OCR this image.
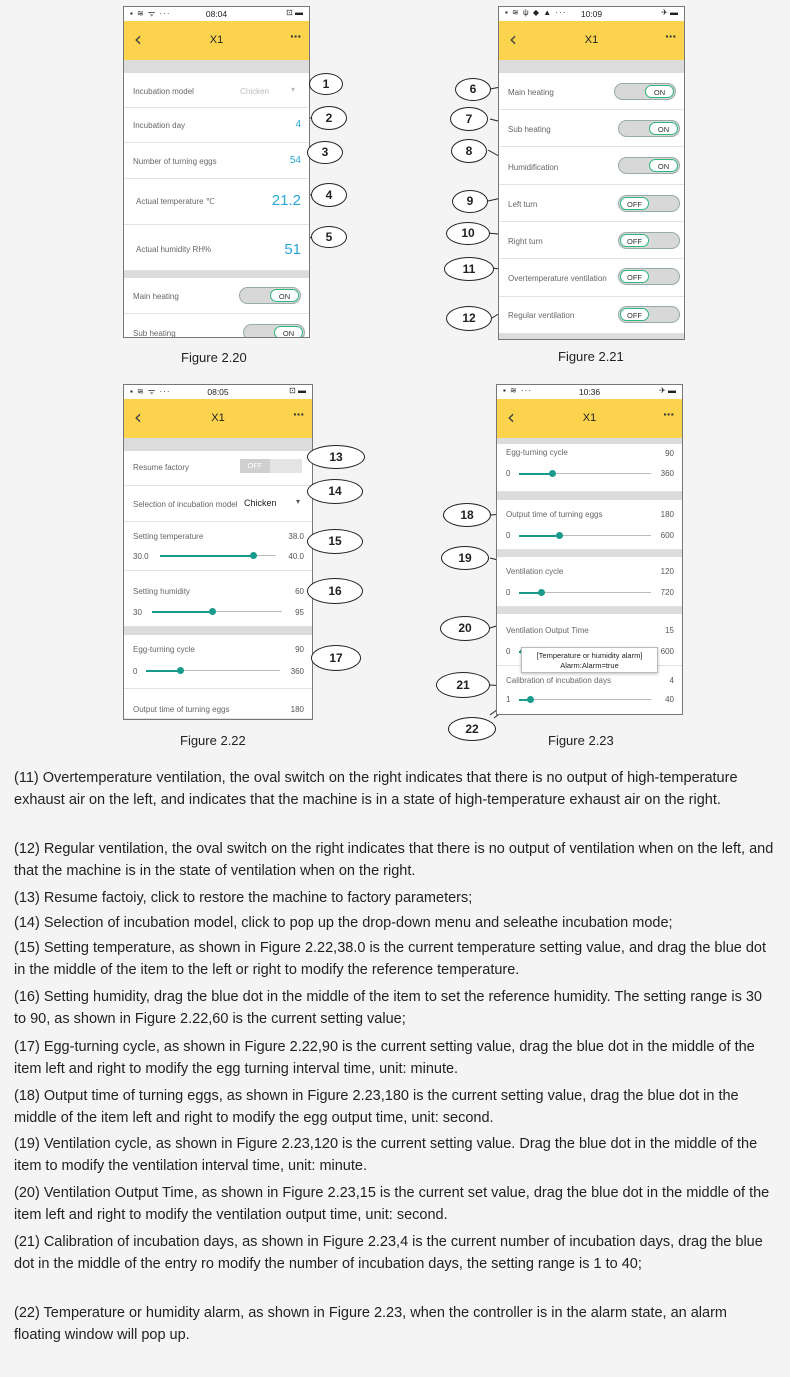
▪ ≋ ᯤ ···	08:04	⊡ ▬
‹	X1	···
Incubation model	Chicken	▾
Incubation day	4
Number of turning eggs	54
Actual temperature ℃	21.2
Actual humidity RH%	51
Main heating	ON
Sub heating	ON
1
2
3
4
5
Figure 2.20
▪ ≋ ψ ◆ ▲ ··· 10:09	✈ ▬
‹	X1	···
Main heating	ON
Sub heating	ON
Humidification	ON
Left turn	OFF
Right turn	OFF
Overtemperature ventilation	OFF
Regular ventilation	OFF
6
7
8
9
10
11
12
Figure 2.21
▪ ≋ ᯤ ···	08:05	⊡ ▬
‹	X1	···
Resume factory	OFF
Selection of incubation model Chicken ▾
Setting temperature	38.0
30.0	40.0
Setting humidity	60
30	95
Egg-turning cycle	90
0	360
Output time of turning eggs	180
13
14
15
16
17
Figure 2.22
▪ ≋ ···	10:36	✈ ▬
‹	X1	···
Egg-turning cycle	90
0	360
Output time of turning eggs	180
0	600
Ventilation cycle	120
0	720
Ventilation Output Time	15
0	600
Calibration of incubation days	4
1	40
[Temperature or humidity alarm]
Alarm:Alarm=true
18
19
20
21
22
Figure 2.23
(11) Overtemperature ventilation, the oval switch on the right indicates that there is no output of high-temperature exhaust air on the left, and indicates that the machine is in a state of high-temperature exhaust air on the right.
(12) Regular ventilation, the oval switch on the right indicates that there is no output of ventilation when on the left, and that the machine is in the state of ventilation when on the right.
(13) Resume factoiy, click to restore the machine to factory parameters;
(14) Selection of incubation model, click to pop up the drop-down menu and seleathe incubation mode;
(15) Setting temperature, as shown in Figure 2.22,38.0 is the current temperature setting value, and drag the blue dot in the middle of the item to the left or right to modify the reference temperature.
(16) Setting humidity, drag the blue dot in the middle of the item to set the reference humidity. The setting range is 30 to 90, as shown in Figure 2.22,60 is the current setting value;
(17) Egg-turning cycle, as shown in Figure 2.22,90 is the current setting value, drag the blue dot in the middle of the item left and right to modify the egg turning interval time, unit: minute.
(18) Output time of turning eggs, as shown in Figure 2.23,180 is the current setting value, drag the blue dot in the middle of the item left and right to modify the egg output time, unit: second.
(19) Ventilation cycle, as shown in Figure 2.23,120 is the current setting value. Drag the blue dot in the middle of the item to modify the ventilation interval time, unit: minute.
(20) Ventilation Output Time, as shown in Figure 2.23,15 is the current set value, drag the blue dot in the middle of the item left and right to modify the ventilation output time, unit: second.
(21) Calibration of incubation days, as shown in Figure 2.23,4 is the current number of incubation days, drag the blue dot in the middle of the entry ro modify the number of incubation days, the setting range is 1 to 40;
(22) Temperature or humidity alarm, as shown in Figure 2.23, when the controller is in the alarm state, an alarm floating window will pop up.
